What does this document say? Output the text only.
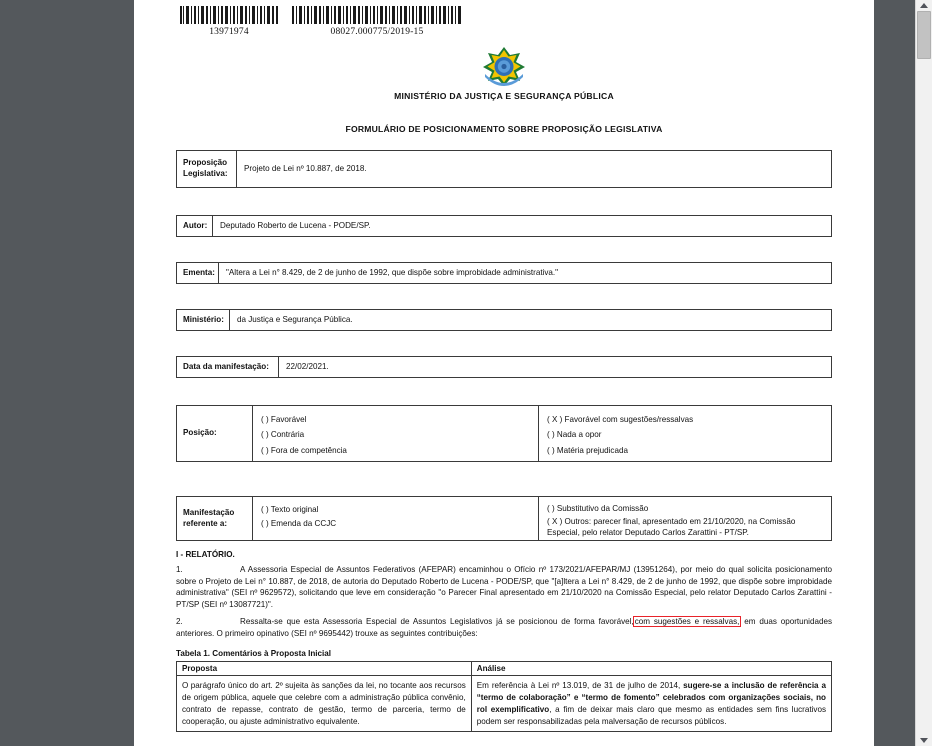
13971974	08027.000775/2019-15
MINISTÉRIO DA JUSTIÇA E SEGURANÇA PÚBLICA
FORMULÁRIO DE POSICIONAMENTO SOBRE PROPOSIÇÃO LEGISLATIVA
Proposição Legislativa:
Projeto de Lei nº 10.887, de 2018.
Autor:	Deputado Roberto de Lucena - PODE/SP.
Ementa:	"Altera a Lei n° 8.429, de 2 de junho de 1992, que dispõe sobre improbidade administrativa."
Ministério:	da Justiça e Segurança Pública.
Data da manifestação:	22/02/2021.
Posição:
( ) Favorável
( ) Contrária
( ) Fora de competência
( X ) Favorável com sugestões/ressalvas
( ) Nada a opor
( ) Matéria prejudicada
Manifestação
referente a:
( ) Texto original
( ) Emenda da CCJC
( ) Substitutivo da Comissão
( X ) Outros: parecer final, apresentado em 21/10/2020, na Comissão Especial, pelo relator Deputado Carlos Zarattini - PT/SP.
I - RELATÓRIO.
1.	A Assessoria Especial de Assuntos Federativos (AFEPAR) encaminhou o Ofício nº 173/2021/AFEPAR/MJ (13951264), por meio do qual solicita posicionamento sobre o Projeto de Lei n° 10.887, de 2018, de autoria do Deputado Roberto de Lucena - PODE/SP, que "[a]ltera a Lei n° 8.429, de 2 de junho de 1992, que dispõe sobre improbidade administrativa" (SEI nº 9629572), solicitando que leve em consideração "o Parecer Final apresentado em 21/10/2020 na Comissão Especial, pelo relator Deputado Carlos Zarattini - PT/SP (SEI nº 13087721)".
2.	Ressalta-se que esta Assessoria Especial de Assuntos Legislativos já se posicionou de forma favorável,com sugestões e ressalvas, em duas oportunidades anteriores. O primeiro opinativo (SEI nº 9695442) trouxe as seguintes contribuições:
Tabela 1. Comentários à Proposta Inicial
Proposta	Análise
O parágrafo único do art. 2º sujeita às sanções da lei, no tocante aos recursos de origem pública, aquele que celebre com a administração pública convênio, contrato de repasse, contrato de gestão, termo de parceria, termo de cooperação, ou ajuste administrativo equivalente.	Em referência à Lei nº 13.019, de 31 de julho de 2014, sugere-se a inclusão de referência a “termo de colaboração” e “termo de fomento” celebrados com organizações sociais, no rol exemplificativo, a fim de deixar mais claro que mesmo as entidades sem fins lucrativos podem ser responsabilizadas pela malversação de recursos públicos.
